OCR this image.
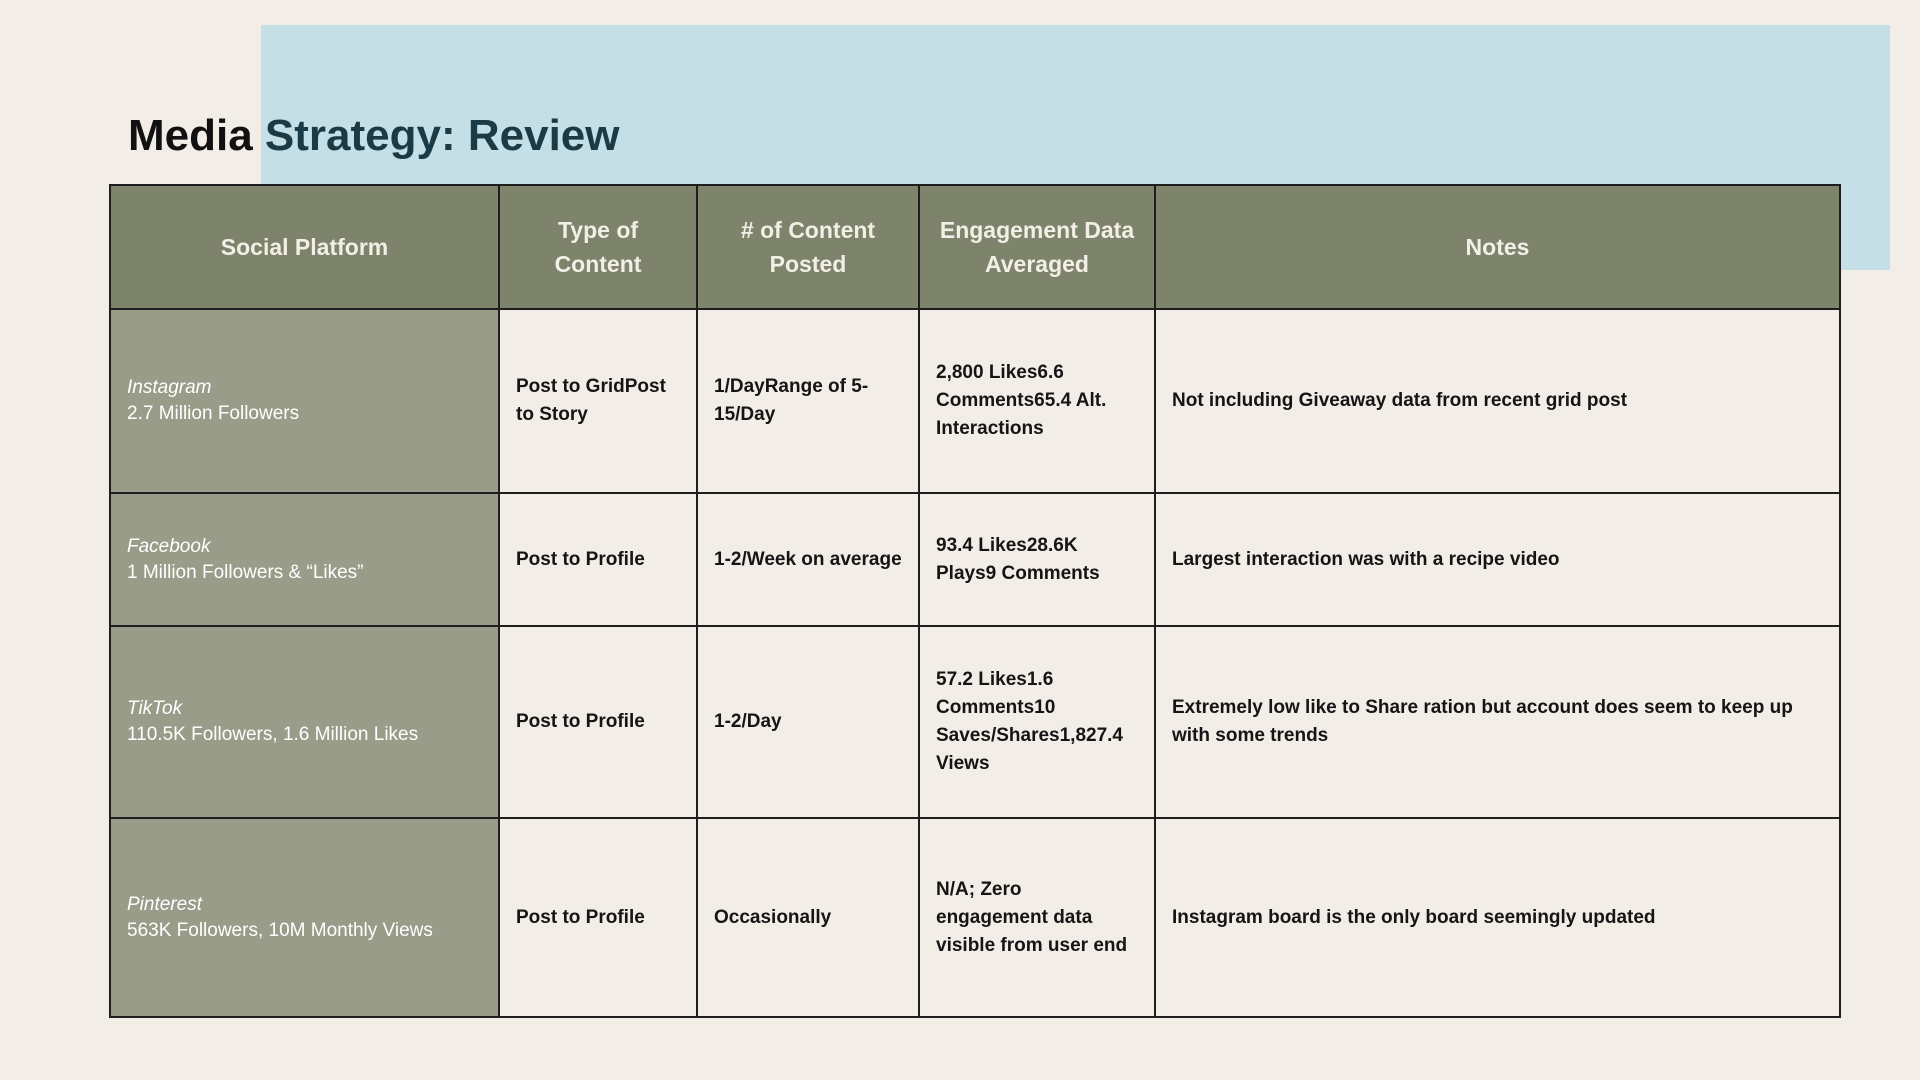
Media Strategy: Review
Social Platform	Type of Content	# of Content Posted	Engagement Data Averaged	Notes

Instagram
2.7 Million Followers	Post to GridPost to Story	1/DayRange of 5-15/Day	2,800 Likes6.6 Comments65.4 Alt. Interactions	Not including Giveaway data from recent grid post

Facebook
1 Million Followers & “Likes”	Post to Profile	1-2/Week on average	93.4 Likes28.6K Plays9 Comments	Largest interaction was with a recipe video

TikTok
110.5K Followers, 1.6 Million Likes	Post to Profile	1-2/Day	57.2 Likes1.6 Comments10 Saves/Shares1,827.4 Views	Extremely low like to Share ration but account does seem to keep up with some trends

Pinterest
563K Followers, 10M Monthly Views	Post to Profile	Occasionally	N/A; Zero engagement data visible from user end	Instagram board is the only board seemingly updated
